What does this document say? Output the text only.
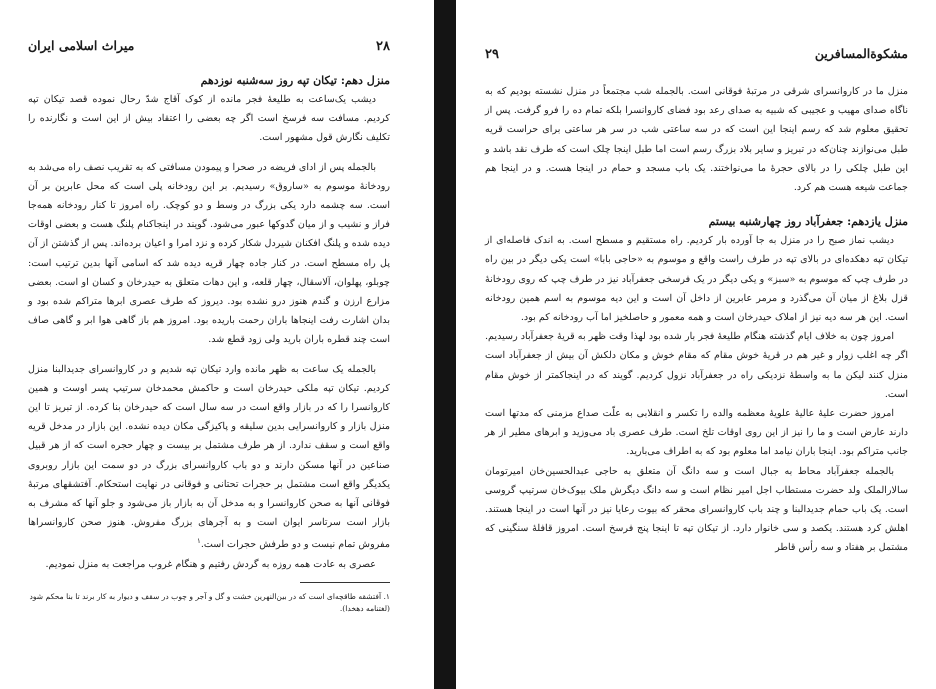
۲۸
میراث اسلامی ایران

منزل دهم: تیکان تپه روز سه‌شنبه نوزدهم

دیشب یک‌ساعت به طلیعهٔ فجر مانده از کوک آقاج شدّ رحال نموده قصد تیکان تپه کردیم. مسافت سه فرسخ است اگر چه بعضی را اعتقاد بیش از این است و نگارنده را تکلیف نگارش قول مشهور است.

بالجمله پس از ادای فریضه در صحرا و پیمودن مسافتی که به تقریب نصف راه می‌شد به رودخانهٔ موسوم به «ساروق» رسیدیم. بر این رودخانه پلی است که محل عابرین بر آن است. سه چشمه دارد یکی بزرگ در وسط و دو کوچک. راه امروز تا کنار رودخانه همه‌جا فراز و نشیب و از میان گدوکها عبور می‌شود. گویند در اینجاکنام پلنگ هست و بعضی اوقات دیده شده و پلنگ افکنان شیردل شکار کرده و نزد امرا و اعیان برده‌اند. پس از گذشتن از آن پل راه مسطح است. در کنار جاده چهار قریه دیده شد که اسامی آنها بدین ترتیب است: چوبلو، پهلوان، آلاسقال، چهار قلعه، و این دهات متعلق به حیدرخان و کسان او است. بعضی مزارع ارزن و گندم هنوز درو نشده بود. دیروز که طرف عصری ابرها متراکم شده بود و بدان اشارت رفت اینجاها باران رحمت باریده بود. امروز هم باز گاهی هوا ابر و گاهی صاف است چند قطره باران بارید ولی زود قطع شد.

بالجمله یک ساعت به ظهر مانده وارد تیکان تپه شدیم و در کاروانسرای جدیدالبنا منزل کردیم. تیکان تپه ملکی حیدرخان است و حاکمش محمدخان سرتیپ پسر اوست و همین کاروانسرا را که در بازار واقع است در سه سال است که حیدرخان بنا کرده. از تبریز تا این منزل بازار و کاروانسرایی بدین سلیقه و پاکیزگی مکان دیده نشده. این بازار در مدخل قریه واقع است و سقف ندارد. از هر طرف مشتمل بر بیست و چهار حجره است که از هر قبیل صناعین در آنها مسکن دارند و دو باب کاروانسرای بزرگ در دو سمت این بازار روبروی یکدیگر واقع است مشتمل بر حجرات تحتانی و فوقانی در نهایت استحکام. آفتشقهای مرتبهٔ فوقانی آنها به صحن کاروانسرا و به مدخل آن به بازار باز می‌شود و جلو آنها که مشرف به بازار است سرتاسر ایوان است و به آجرهای بزرگ مفروش. هنوز صحن کاروانسراها مفروش تمام نیست و دو طرفش حجرات است.$^۱$

عصری به عادت همه روزه به گردش رفتیم و هنگام غروب مراجعت به منزل نمودیم.

۱. آفتشقه‌ طاقچه‌ای است که در بین‌النهرین خشت و گل و آجر و چوب در سقف و دیوار به کار برند تا بنا محکم شود (لغتنامه دهخدا).

مشکوةالمسافرین
۲۹

منزل ما در کاروانسرای شرقی در مرتبهٔ فوقانی است. بالجمله شب مجتمعاً در منزل نشسته بودیم که به ناگاه صدای مهیب و عجیبی که شبیه به صدای رعد بود فضای کاروانسرا بلکه تمام ده را فرو گرفت. پس از تحقیق معلوم شد که رسم اینجا این است که در سه ساعتی شب در سر هر ساعتی برای حراست قریه طبل می‌نوازند چنان‌که در تبریز و سایر بلاد بزرگ رسم است اما طبل اینجا چلک است که طرف نقد باشد و این طبل چلکی را در بالای حجرهٔ ما می‌نواختند. یک باب مسجد و حمام در اینجا هست. و در اینجا هم جماعت شیعه هست هم کرد.

منزل یازدهم: جعفرآباد روز چهارشنبه بیستم

دیشب نماز صبح را در منزل به جا آورده بار کردیم. راه مستقیم و مسطح است. به اندک فاصله‌ای از تیکان تپه دهکده‌ای در بالای تپه در طرف راست واقع و موسوم به «حاجی بابا» است یکی دیگر در بین راه در طرف چپ که موسوم به «سبز» و یکی دیگر در یک فرسخی جعفرآباد نیز در طرف چپ که روی رودخانهٔ قزل بلاغ از میان آن می‌گذرد و مرمر عابرین از داخل آن است و این دیه موسوم به اسم همین رودخانه است. این هر سه دیه نیز از املاک حیدرخان است و همه معمور و حاصلخیز اما آب رودخانه کم بود.

امروز چون به خلاف ایام گذشته هنگام طلیعهٔ فجر بار شده بود لهذا وقت ظهر به قریهٔ جعفرآباد رسیدیم. اگر چه اغلب زوار و غیر هم در قریهٔ خوش مقام که مقام خوش و مکان دلکش آن بیش از جعفرآباد است منزل کنند لیکن ما به واسطهٔ نزدیکی راه در جعفرآباد نزول کردیم. گویند که در اینجاکمتر از خوش مقام است.

امروز حضرت علیهٔ عالیهٔ علویهٔ معظمه والده را تکسر و انقلابی به علّت صداع مزمنی که مدتها است دارند عارض است و ما را نیز از این روی اوقات تلخ است. طرف عصری باد می‌وزید و ابرهای مطیر از هر جانب متراکم بود. اینجا باران نیامد اما معلوم بود که به اطراف می‌بارید.

بالجمله جعفرآباد محاط به جبال است و سه دانگ آن متعلق به حاجی عبدالحسین‌خان امیرتومان سالارالملک ولد حضرت مستطاب اجل امیر نظام است و سه دانگ دیگرش ملک بیوک‌خان سرتیپ گروسی است. یک باب حمام جدیدالبنا و چند باب کاروانسرای محقر که بیوت رعایا نیز در آنها است در اینجا هستند. اهلش کرد هستند. یکصد و سی خانوار دارد. از تیکان تپه تا اینجا پنج فرسخ است. امروز قافلهٔ سنگینی که مشتمل بر هفتاد و سه رأس قاطر
